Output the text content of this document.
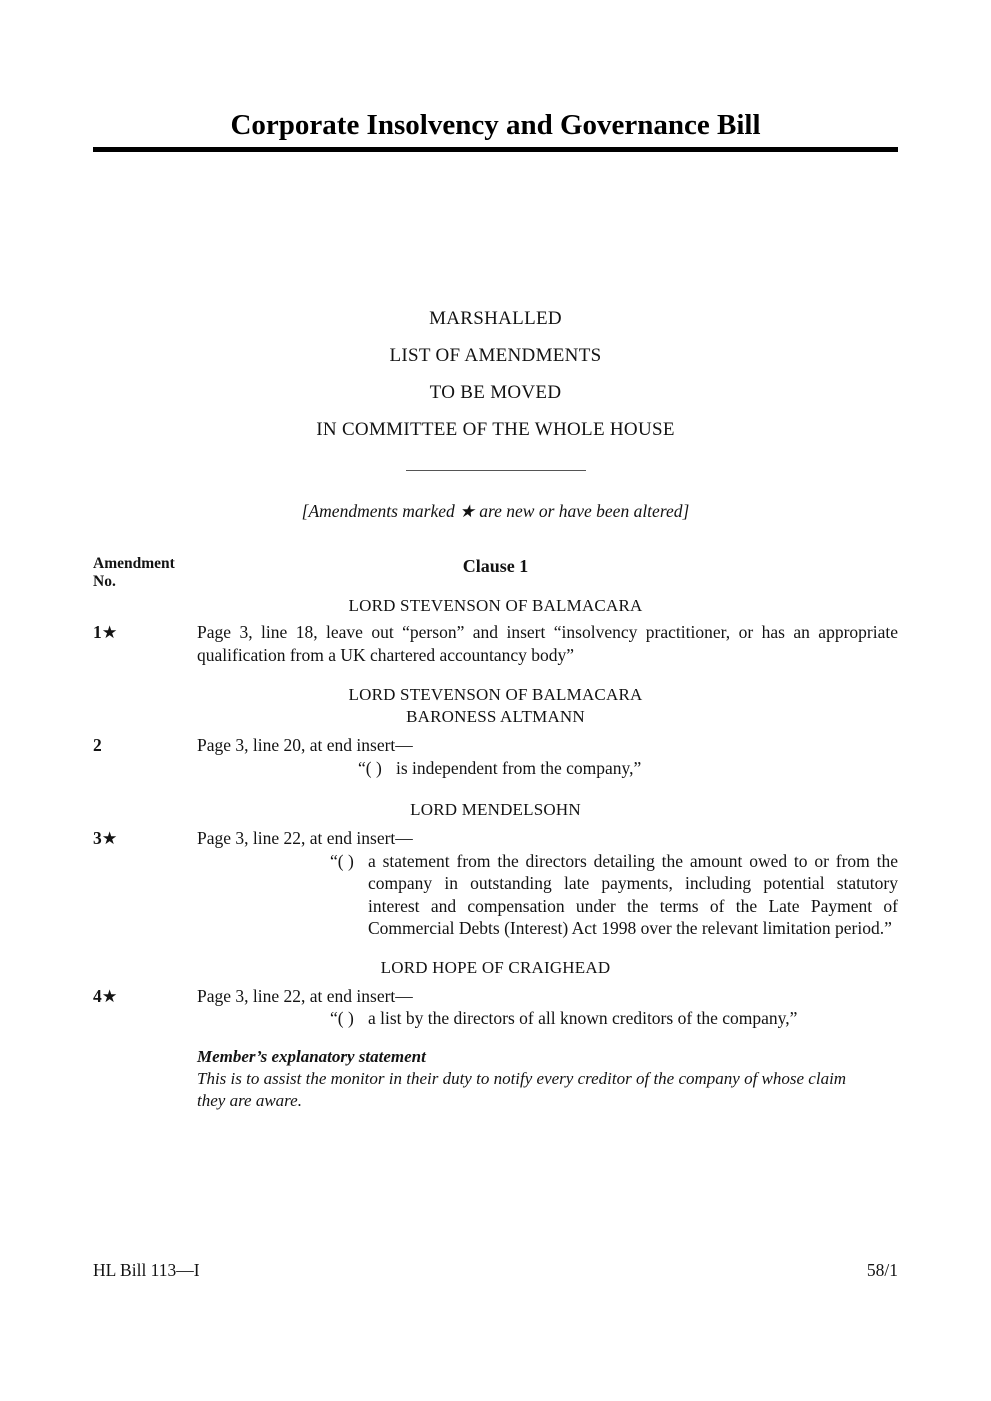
Corporate Insolvency and Governance Bill
MARSHALLED
LIST OF AMENDMENTS
TO BE MOVED
IN COMMITTEE OF THE WHOLE HOUSE
[Amendments marked ★ are new or have been altered]
Amendment
No.
Clause 1
LORD STEVENSON OF BALMACARA
1★	Page 3, line 18, leave out “person” and insert “insolvency practitioner, or has an appropriate qualification from a UK chartered accountancy body”
LORD STEVENSON OF BALMACARA
BARONESS ALTMANN
2	Page 3, line 20, at end insert—
“( ) is independent from the company,”
LORD MENDELSOHN
3★	Page 3, line 22, at end insert—
“( ) a statement from the directors detailing the amount owed to or from the company in outstanding late payments, including potential statutory interest and compensation under the terms of the Late Payment of Commercial Debts (Interest) Act 1998 over the relevant limitation period.”
LORD HOPE OF CRAIGHEAD
4★	Page 3, line 22, at end insert—
“( ) a list by the directors of all known creditors of the company,”
Member’s explanatory statement
This is to assist the monitor in their duty to notify every creditor of the company of whose claim they are aware.
HL Bill 113—I	58/1
